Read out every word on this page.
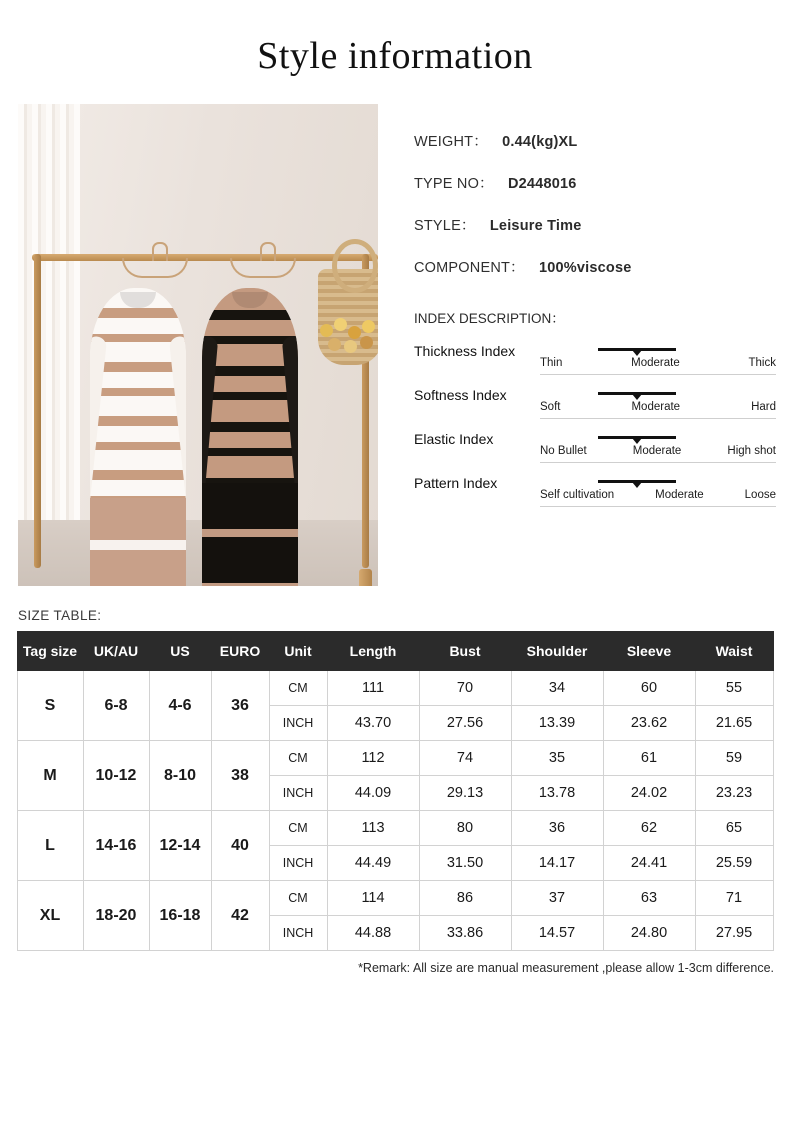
Style information
WEIGHT： 0.44(kg)XL
TYPE NO： D2448016
STYLE： Leisure Time
COMPONENT： 100%viscose
INDEX DESCRIPTION：
Thickness Index
Thin	Moderate	Thick
Softness Index
Soft	Moderate	Hard
Elastic Index
No Bullet	Moderate	High shot
Pattern Index
Self cultivation	Moderate	Loose
SIZE TABLE:
Tag size	UK/AU	US	EURO	Unit	Length	Bust	Shoulder	Sleeve	Waist
S	6-8	4-6	36	CM	111	70	34	60	55
				INCH	43.70	27.56	13.39	23.62	21.65
M	10-12	8-10	38	CM	112	74	35	61	59
				INCH	44.09	29.13	13.78	24.02	23.23
L	14-16	12-14	40	CM	113	80	36	62	65
				INCH	44.49	31.50	14.17	24.41	25.59
XL	18-20	16-18	42	CM	114	86	37	63	71
				INCH	44.88	33.86	14.57	24.80	27.95
*Remark: All size are manual measurement ,please allow 1-3cm difference.
